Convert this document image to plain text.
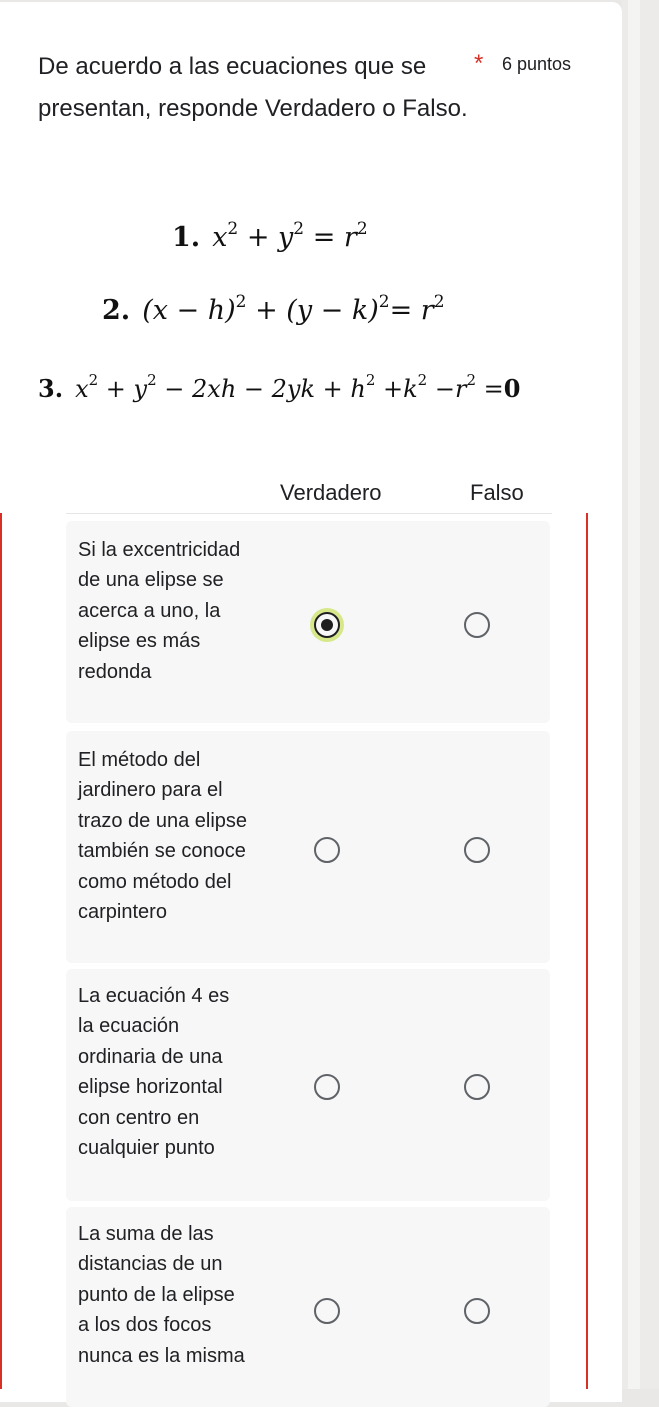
De acuerdo a las ecuaciones que se presentan, responde Verdadero o Falso.
* 6 puntos
1. $x^2 + y^2 = r^2$
2. $(x - h)^2 + (y - k)^2= r^2$
3. $x^2 + y^2 - 2xh - 2yk + h^2 +k^2 -r^2 =0$
Verdadero	Falso
Si la excentricidad de una elipse se acerca a uno, la elipse es más redonda
El método del jardinero para el trazo de una elipse también se conoce como método del carpintero
La ecuación 4 es la ecuación ordinaria de una elipse horizontal con centro en cualquier punto
La suma de las distancias de un punto de la elipse a los dos focos nunca es la misma
